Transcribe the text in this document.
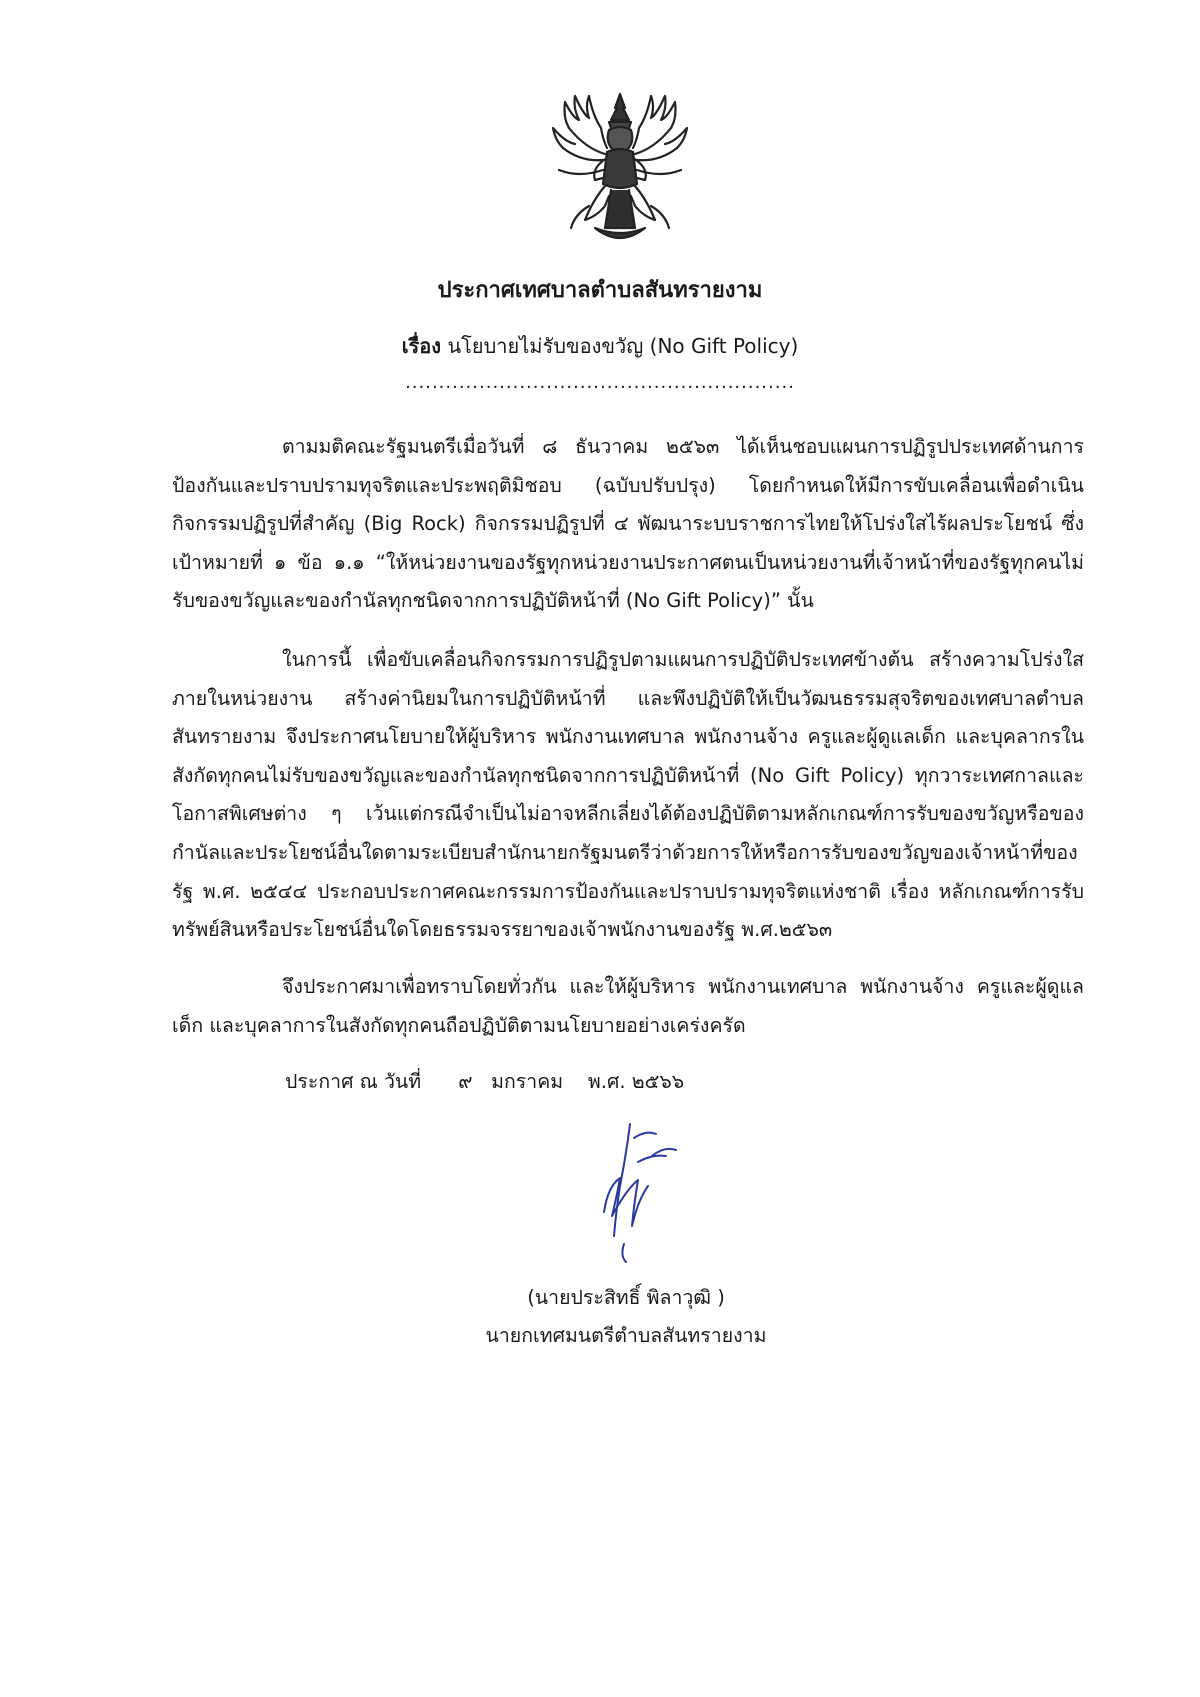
ประกาศเทศบาลตำบลสันทรายงาม
เรื่อง นโยบายไม่รับของขวัญ (No Gift Policy)
..........................................................

ตามมติคณะรัฐมนตรีเมื่อวันที่ ๘ ธันวาคม ๒๕๖๓ ได้เห็นชอบแผนการปฏิรูปประเทศด้านการป้องกันและปราบปรามทุจริตและประพฤติมิชอบ (ฉบับปรับปรุง) โดยกำหนดให้มีการขับเคลื่อนเพื่อดำเนินกิจกรรมปฏิรูปที่สำคัญ (Big Rock) กิจกรรมปฏิรูปที่ ๔ พัฒนาระบบราชการไทยให้โปร่งใสไร้ผลประโยชน์ ซึ่งเป้าหมายที่ ๑ ข้อ ๑.๑ “ให้หน่วยงานของรัฐทุกหน่วยงานประกาศตนเป็นหน่วยงานที่เจ้าหน้าที่ของรัฐทุกคนไม่รับของขวัญและของกำนัลทุกชนิดจากการปฏิบัติหน้าที่ (No Gift Policy)” นั้น

ในการนี้ เพื่อขับเคลื่อนกิจกรรมการปฏิรูปตามแผนการปฏิบัติประเทศข้างต้น สร้างความโปร่งใสภายในหน่วยงาน สร้างค่านิยมในการปฏิบัติหน้าที่ และพึงปฏิบัติให้เป็นวัฒนธรรมสุจริตของเทศบาลตำบลสันทรายงาม จึงประกาศนโยบายให้ผู้บริหาร พนักงานเทศบาล พนักงานจ้าง ครูและผู้ดูแลเด็ก และบุคลากรในสังกัดทุกคนไม่รับของขวัญและของกำนัลทุกชนิดจากการปฏิบัติหน้าที่ (No Gift Policy) ทุกวาระเทศกาลและโอกาสพิเศษต่าง ๆ เว้นแต่กรณีจำเป็นไม่อาจหลีกเลี่ยงได้ต้องปฏิบัติตามหลักเกณฑ์การรับของขวัญหรือของกำนัลและประโยชน์อื่นใดตามระเบียบสำนักนายกรัฐมนตรีว่าด้วยการให้หรือการรับของขวัญของเจ้าหน้าที่ของรัฐ พ.ศ. ๒๕๔๔ ประกอบประกาศคณะกรรมการป้องกันและปราบปรามทุจริตแห่งชาติ เรื่อง หลักเกณฑ์การรับทรัพย์สินหรือประโยชน์อื่นใดโดยธรรมจรรยาของเจ้าพนักงานของรัฐ พ.ศ.๒๕๖๓

จึงประกาศมาเพื่อทราบโดยทั่วกัน และให้ผู้บริหาร พนักงานเทศบาล พนักงานจ้าง ครูและผู้ดูแลเด็ก และบุคลาการในสังกัดทุกคนถือปฏิบัติตามนโยบายอย่างเคร่งครัด

ประกาศ ณ วันที่      ๙   มกราคม    พ.ศ. ๒๕๖๖
(นายประสิทธิ์ พิลาวุฒิ )
นายกเทศมนตรีตำบลสันทรายงาม
